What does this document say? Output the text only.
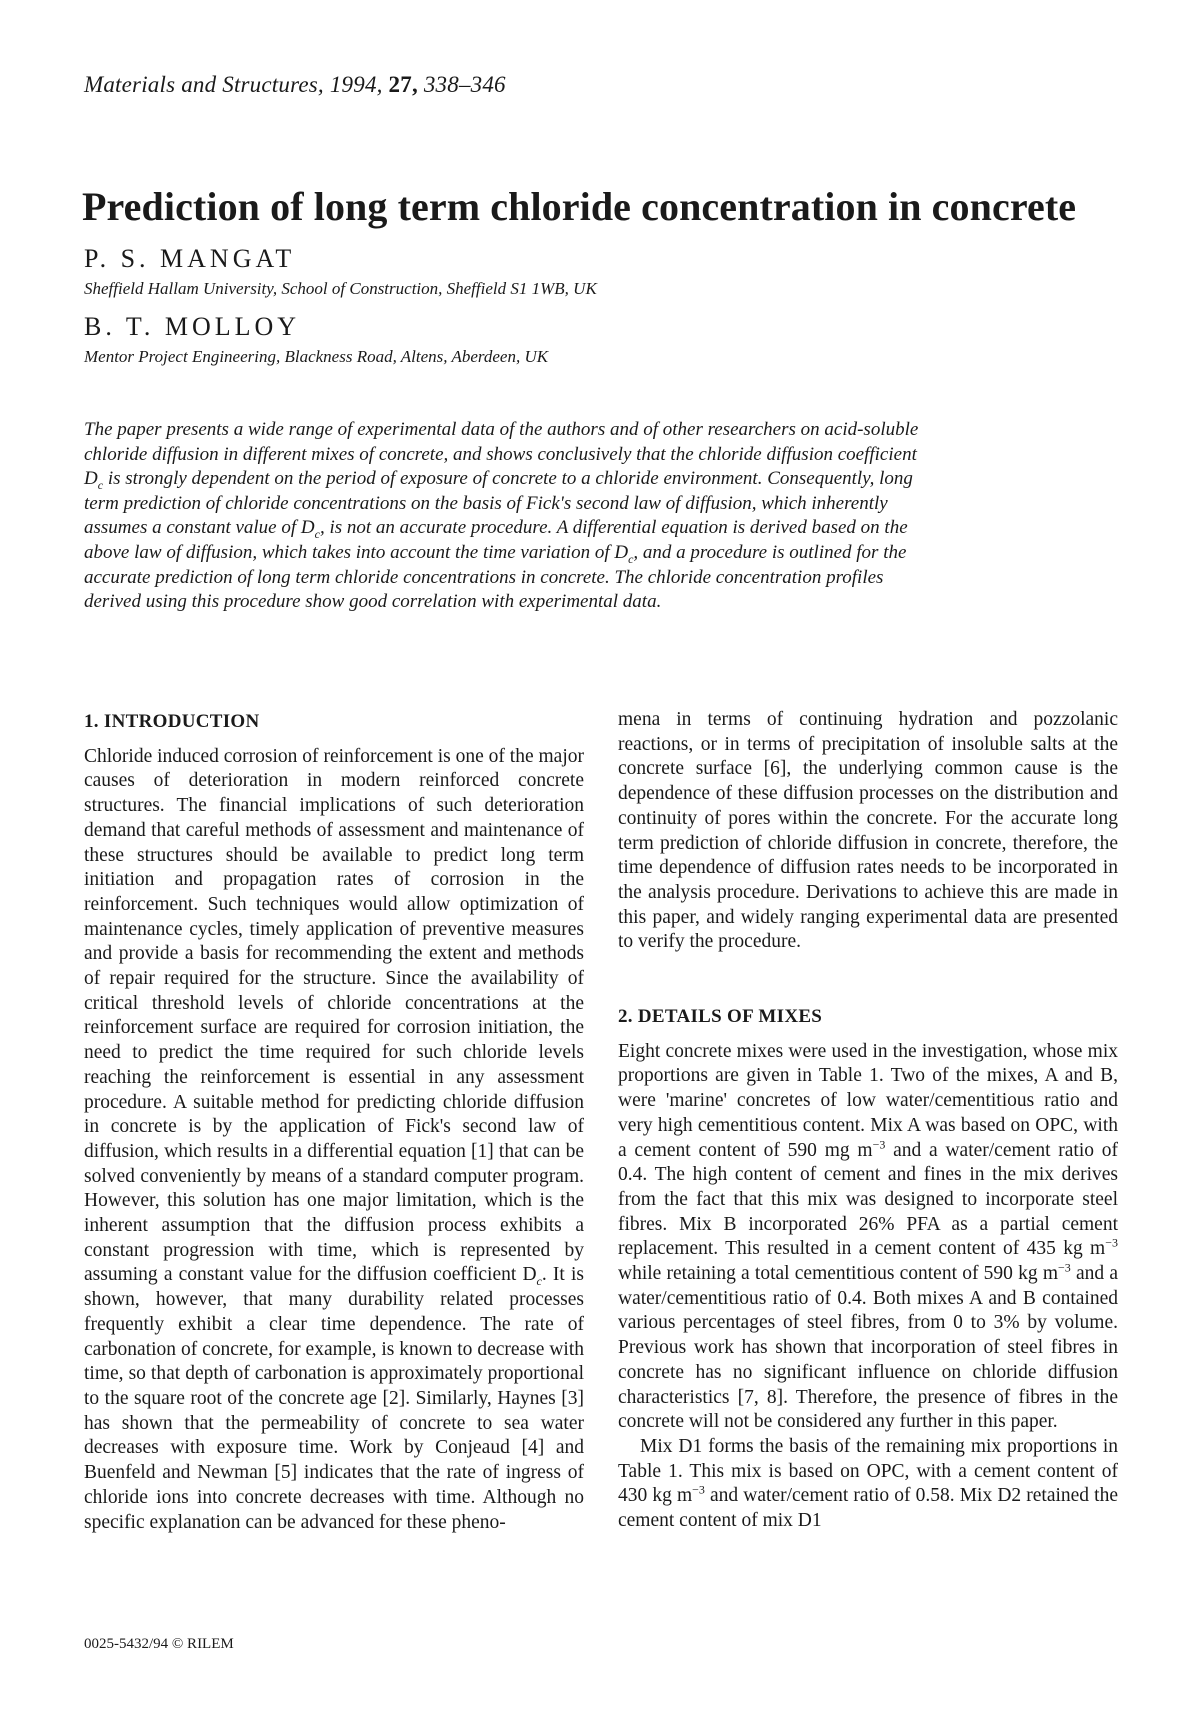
Materials and Structures, 1994, 27, 338–346
Prediction of long term chloride concentration in concrete
P. S. MANGAT
Sheffield Hallam University, School of Construction, Sheffield S1 1WB, UK
B. T. MOLLOY
Mentor Project Engineering, Blackness Road, Altens, Aberdeen, UK
The paper presents a wide range of experimental data of the authors and of other researchers on acid-soluble chloride diffusion in different mixes of concrete, and shows conclusively that the chloride diffusion coefficient $D_c$ is strongly dependent on the period of exposure of concrete to a chloride environment. Consequently, long term prediction of chloride concentrations on the basis of Fick's second law of diffusion, which inherently assumes a constant value of $D_c$, is not an accurate procedure. A differential equation is derived based on the above law of diffusion, which takes into account the time variation of $D_c$, and a procedure is outlined for the accurate prediction of long term chloride concentrations in concrete. The chloride concentration profiles derived using this procedure show good correlation with experimental data.
1. INTRODUCTION

Chloride induced corrosion of reinforcement is one of the major causes of deterioration in modern reinforced concrete structures. The financial implications of such deterioration demand that careful methods of assessment and maintenance of these structures should be available to predict long term initiation and propagation rates of corrosion in the reinforcement. Such techniques would allow optimization of maintenance cycles, timely application of preventive measures and provide a basis for recommending the extent and methods of repair required for the structure. Since the availability of critical threshold levels of chloride concentrations at the reinforcement surface are required for corrosion initiation, the need to predict the time required for such chloride levels reaching the reinforcement is essential in any assessment procedure. A suitable method for predicting chloride diffusion in concrete is by the application of Fick's second law of diffusion, which results in a differential equation [1] that can be solved conveniently by means of a standard computer program. However, this solution has one major limitation, which is the inherent assumption that the diffusion process exhibits a constant progression with time, which is represented by assuming a constant value for the diffusion coefficient $D_c$. It is shown, however, that many durability related processes frequently exhibit a clear time dependence. The rate of carbonation of concrete, for example, is known to decrease with time, so that depth of carbonation is approximately proportional to the square root of the concrete age [2]. Similarly, Haynes [3] has shown that the permeability of concrete to sea water decreases with exposure time. Work by Conjeaud [4] and Buenfeld and Newman [5] indicates that the rate of ingress of chloride ions into concrete decreases with time. Although no specific explanation can be advanced for these pheno-

mena in terms of continuing hydration and pozzolanic reactions, or in terms of precipitation of insoluble salts at the concrete surface [6], the underlying common cause is the dependence of these diffusion processes on the distribution and continuity of pores within the concrete. For the accurate long term prediction of chloride diffusion in concrete, therefore, the time dependence of diffusion rates needs to be incorporated in the analysis procedure. Derivations to achieve this are made in this paper, and widely ranging experimental data are presented to verify the procedure.

2. DETAILS OF MIXES

Eight concrete mixes were used in the investigation, whose mix proportions are given in Table 1. Two of the mixes, A and B, were 'marine' concretes of low water/cementitious ratio and very high cementitious content. Mix A was based on OPC, with a cement content of 590 mg $m^{-3}$ and a water/cement ratio of 0.4. The high content of cement and fines in the mix derives from the fact that this mix was designed to incorporate steel fibres. Mix B incorporated 26% PFA as a partial cement replacement. This resulted in a cement content of 435 kg $m^{-3}$ while retaining a total cementitious content of 590 kg $m^{-3}$ and a water/cementitious ratio of 0.4. Both mixes A and B contained various percentages of steel fibres, from 0 to 3% by volume. Previous work has shown that incorporation of steel fibres in concrete has no significant influence on chloride diffusion characteristics [7, 8]. Therefore, the presence of fibres in the concrete will not be considered any further in this paper.

Mix D1 forms the basis of the remaining mix proportions in Table 1. This mix is based on OPC, with a cement content of 430 kg $m^{-3}$ and water/cement ratio of 0.58. Mix D2 retained the cement content of mix D1

0025-5432/94 © RILEM
